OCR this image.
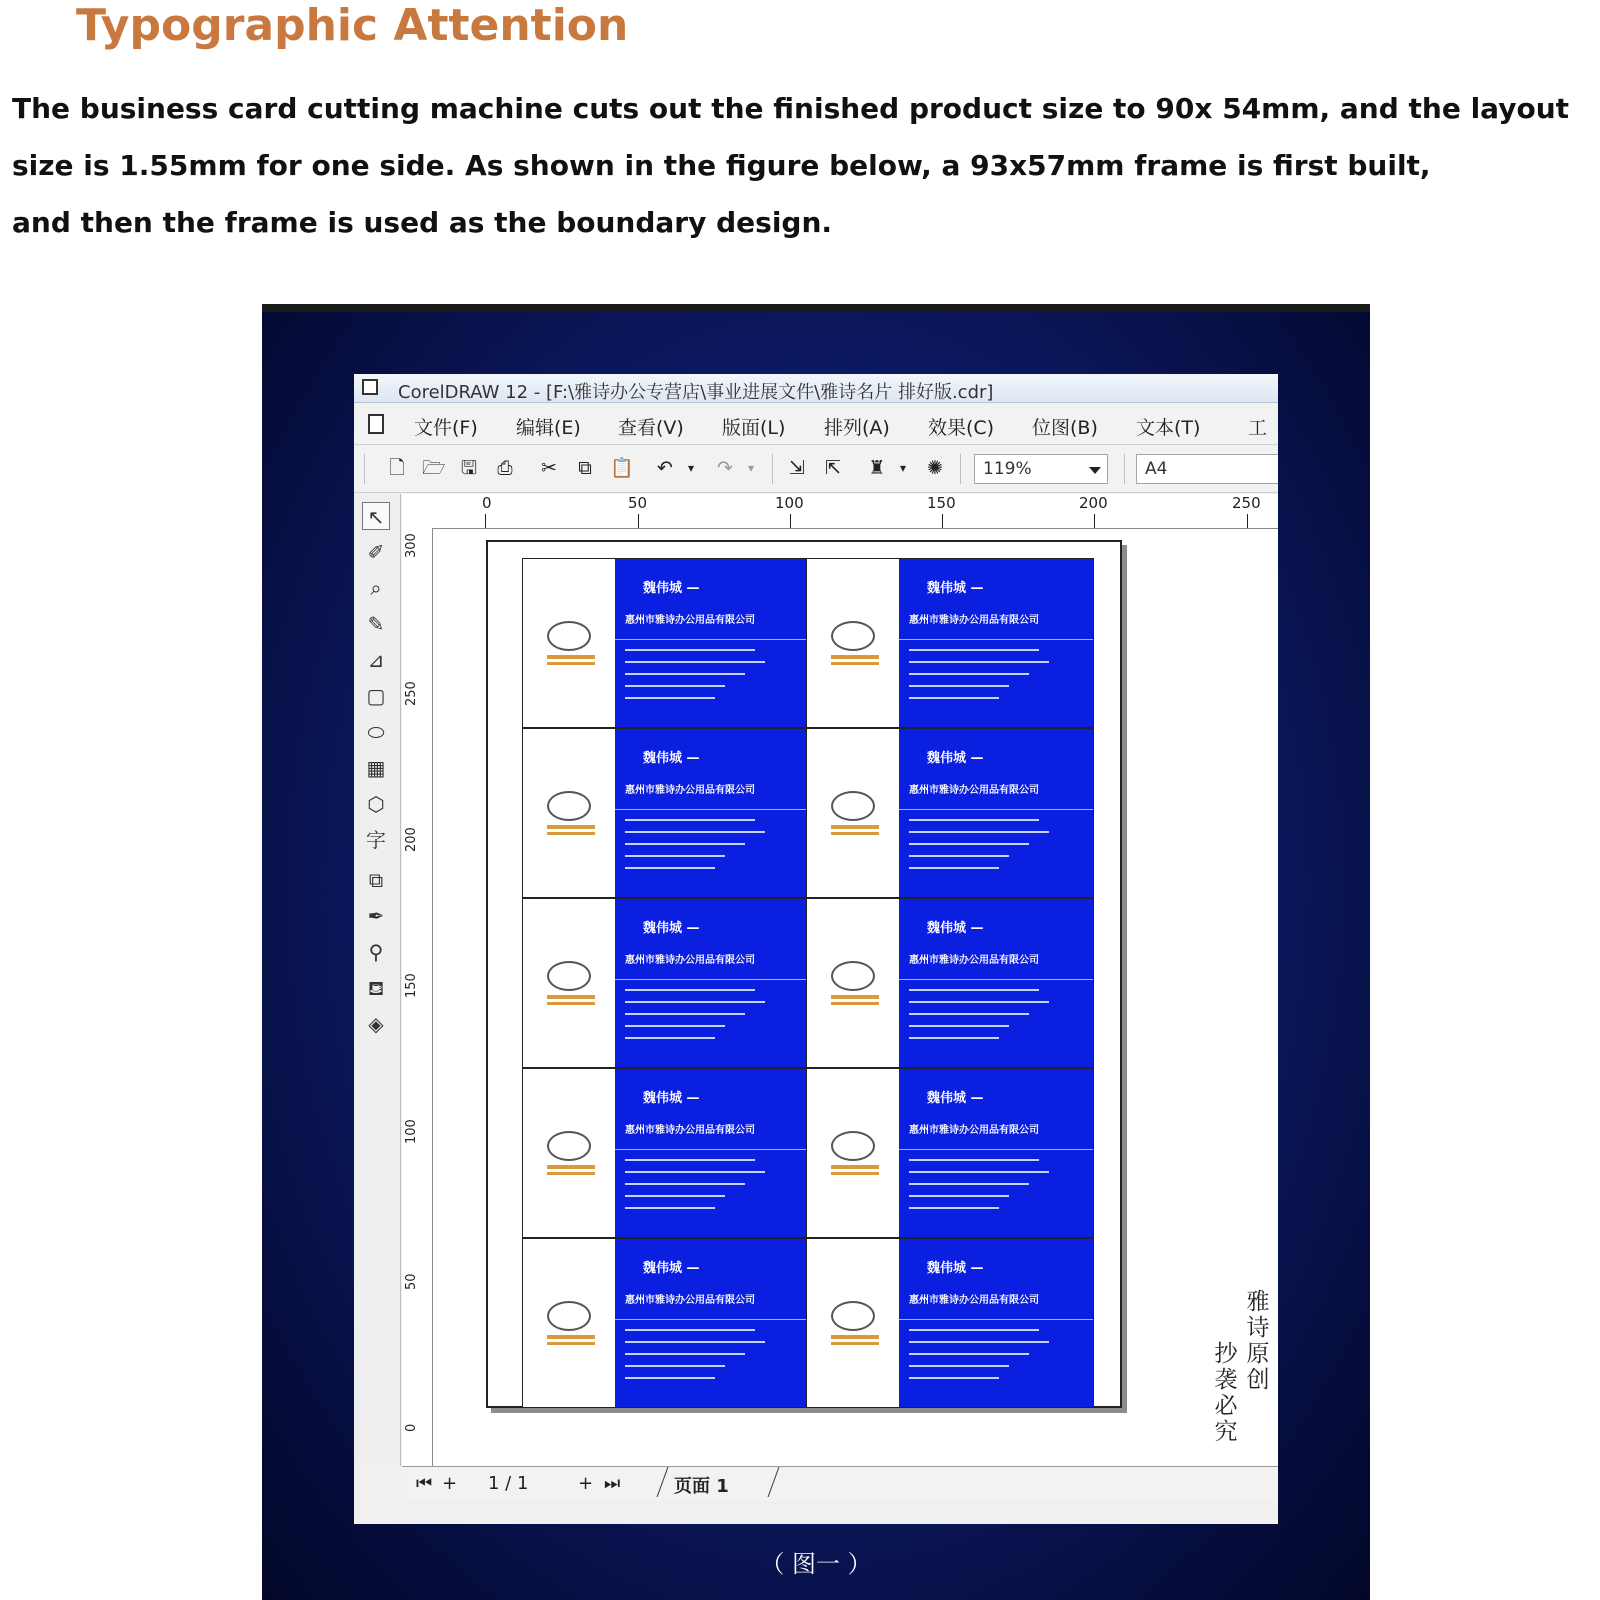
Typographic Attention
The business card cutting machine cuts out the finished product size to 90x 54mm, and the layout
size is 1.55mm for one side. As shown in the figure below, a 93x57mm frame is first built,
and then the frame is used as the boundary design.
CorelDRAW 12 - [F:\雅诗办公专营店\事业进展文件\雅诗名片 排好版.cdr]
文件(F) 编辑(E) 查看(V) 版面(L) 排列(A) 效果(C) 位图(B) 文本(T)	工
🗋 🗁 🖫 ⎙ ✂ ⧉ 📋 ↶	▾	↷	▾	⇲ ⇱ ♜	▾	✺ 119%	A4
↖
✐
⌕
✎
⊿
▢
⬭
▦
⬡
字
⧉
✒
⚲
⛾
◈
0	50	100	150	200	250
300
250
200
150
100
50
0
魏伟城 —
惠州市雅诗办公用品有限公司
魏伟城 —
惠州市雅诗办公用品有限公司
魏伟城 —
惠州市雅诗办公用品有限公司
魏伟城 —
惠州市雅诗办公用品有限公司
魏伟城 —
惠州市雅诗办公用品有限公司
魏伟城 —
惠州市雅诗办公用品有限公司
魏伟城 —
惠州市雅诗办公用品有限公司
魏伟城 —
惠州市雅诗办公用品有限公司
魏伟城 —
惠州市雅诗办公用品有限公司
魏伟城 —
惠州市雅诗办公用品有限公司	雅
诗
原
创
抄
袭
必
究
⏮ + 1 / 1	+ ⏭	页面 1
（ 图一 ）
